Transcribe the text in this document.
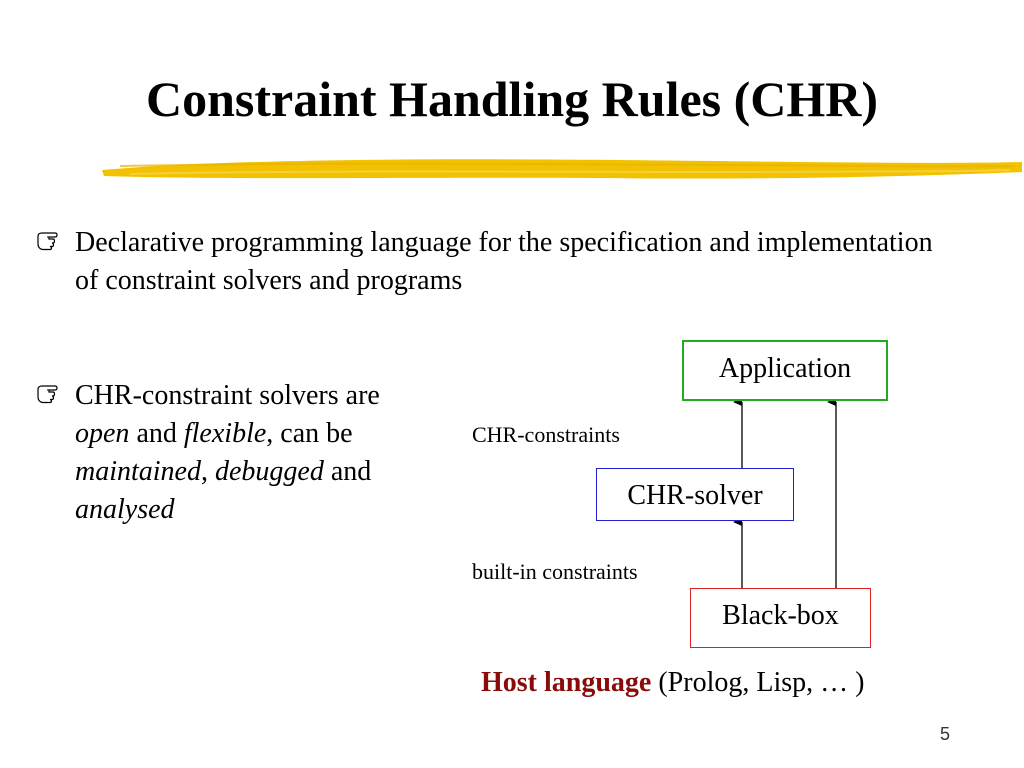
Constraint Handling Rules (CHR)
Declarative programming language for the specification and implementation of constraint solvers and programs
CHR-constraint solvers are open and flexible, can be maintained, debugged and analysed
Application
CHR-constraints
CHR-solver
built-in constraints
Black-box
Host language (Prolog, Lisp, … )
5
